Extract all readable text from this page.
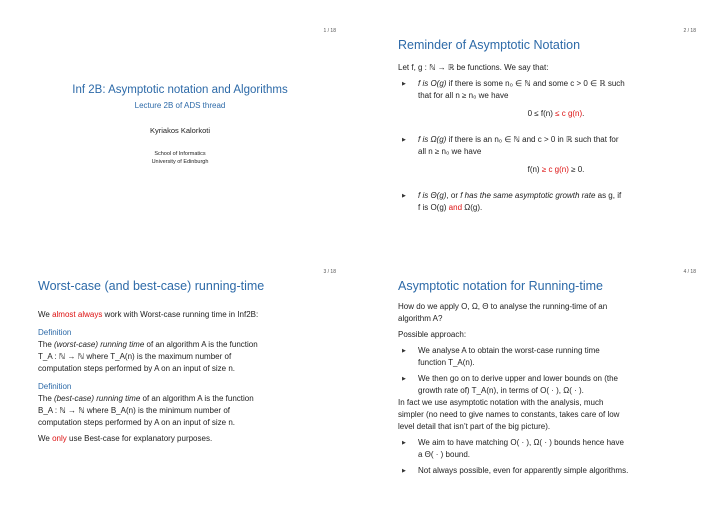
1 / 18
Inf 2B: Asymptotic notation and Algorithms
Lecture 2B of ADS thread
Kyriakos Kalorkoti
School of Informatics
University of Edinburgh
2 / 18
Reminder of Asymptotic Notation
Let f, g : ℕ → ℝ be functions. We say that:
▶ f is O(g) if there is some n₀ ∈ ℕ and some c > 0 ∈ ℝ such
that for all n ≥ n₀ we have
0 ≤ f(n) ≤ c g(n).
▶ f is Ω(g) if there is an n₀ ∈ ℕ and c > 0 in ℝ such that for
all n ≥ n₀ we have
f(n) ≥ c g(n) ≥ 0.
▶ f is Θ(g), or f has the same asymptotic growth rate as g, if
f is O(g) and Ω(g).
3 / 18
Worst-case (and best-case) running-time
We almost always work with Worst-case running time in Inf2B:
Definition
The (worst-case) running time of an algorithm A is the function
T_A : ℕ → ℕ where T_A(n) is the maximum number of
computation steps performed by A on an input of size n.
Definition
The (best-case) running time of an algorithm A is the function
B_A : ℕ → ℕ where B_A(n) is the minimum number of
computation steps performed by A on an input of size n.
We only use Best-case for explanatory purposes.
4 / 18
Asymptotic notation for Running-time
How do we apply O, Ω, Θ to analyse the running-time of an
algorithm A?
Possible approach:
▶ We analyse A to obtain the worst-case running time
function T_A(n).
▶ We then go on to derive upper and lower bounds on (the
growth rate of) T_A(n), in terms of O( · ), Ω( · ).
In fact we use asymptotic notation with the analysis, much
simpler (no need to give names to constants, takes care of low
level detail that isn’t part of the big picture).
▶ We aim to have matching O( · ), Ω( · ) bounds hence have
a Θ( · ) bound.
▶ Not always possible, even for apparently simple algorithms.
